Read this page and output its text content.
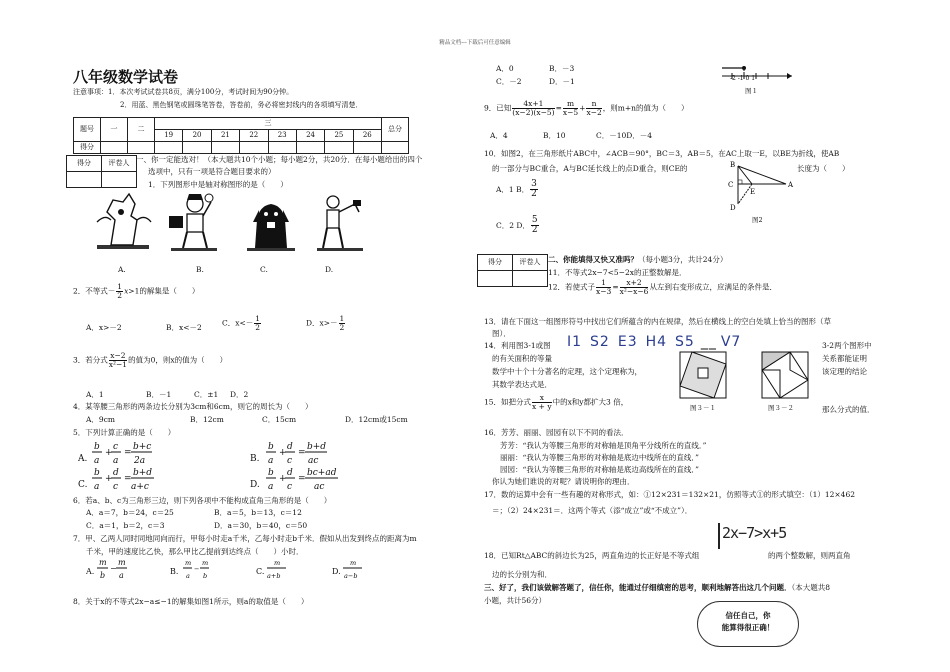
精品文档---下载后可任意编辑
八年级数学试卷
注意事项：1．本次考试试卷共8页，满分100分，考试时间为90分钟。
2．用蓝、黑色钢笔或圆珠笔答卷，答卷前，务必将密封线内的各项填写清楚．
题号	一	二	三								总分
			19	20	21	22	23	24	25	26	
得分											
得分	评卷人
	一、你一定能选对！（本大题共10个小题；每小题2分，共20分．在每小题给出的四个
选项中，只有一项是符合题目要求的）
1．下列图形中是轴对称图形的是（　　）
A.	B.	C.	D.
2．不等式－ $\frac{1}{2} x>1$的解集是（　　）
A．x>－2	B．x<－2
C．$x<- \frac{1}{2}$	D．$x>- \frac{1}{2}$
3．若分式 $\frac{x-2}{\text{x²−1}}$ 的值为0，则x的值为（　　）
A．1	B．－1	C．±1 D．2
4．某等腰三角形的两条边长分别为3cm和6cm，则它的周长为（　　）
A．9cm	B．12cm	C．15cm	D．12cm或15cm
5．下列计算正确的是（　　）
A.
b
a
+
c
a
=
b+c
2a	B.
b
a
+
d
c
=
b+d
ac
C.
b
a
+
d
c
=
b+d
a+c	D.
b
a
+
d
c
=
bc+ad
ac
6．若a、b、c为三角形三边，则下列各项中不能构成直角三角形的是（　　）
A．a＝7，b＝24，c＝25	B．a＝5，b＝13，c＝12
C．a＝1，b＝2，c＝3	D．a＝30，b＝40，c＝50
7．甲、乙两人同时同地同向而行，甲每小时走a千米，乙每小时走b千米．假如从出发到终点的距离为m
千米，甲的速度比乙快，那么甲比乙提前到达终点（　　）小时．
A.
m
b
−
m
a	B.
m
a
−
m
b	C.
m
a+b	D.
m
a−b
8．关于x的不等式2x−a≤−1的解集如图1所示，则a的取值是（　　）
A．0	B．－3
C．－2	D．－1	-2 -1 0 1
图１
9．已知 $\frac{4x+1}{(x-2)(x-5)} = \frac{m}{x-5} + \frac{n}{x-2}$ ，则m+n的值为（　　）
A．4	B．10	C．－10D．－4
10．如图2，在三角形纸片ABC中，∠ACB＝90°，BC＝3，AB＝5，在AC上取一E，以BE为折线，使AB
的一部分与BC重合，A与BC延长线上的点D重合，则CE的	长度为（　　）
A．1 B． $\frac{3}{2}$
C．2 D． $\frac{5}{2}$
B
C
E
A
D
图2
得分	评卷人
	二、你能填得又快又准吗？（每小题3分，共计24分）
11．不等式2x−7<5−2x的正整数解是．
12．若使式子 $\frac{1}{x-3} = \frac{x+2}{\text{x²−x−6}}$ 从左到右变形成立，应满足的条件是．
13．请在下面这一组图形符号中找出它们所蕴含的内在规律，然后在横线上的空白处填上恰当的图形（草
图）．
14．利用图3-1或图
的有关面积的等量
数学中十个十分著名的定理，这个定理称为，
其数学表达式是．
3-2两个图形中
关系都能证明
该定理的结论
I1 S2 E3 H4 S5 __ V7
图３－１	图３－２
15．如把分式 $\frac{x}{x + y}$ 中的x和y都扩大3 倍，
那么分式的值．
16．芳芳、丽丽、园园有以下不同的看法．
芳芳：“我认为等腰三角形的对称轴是顶角平分线所在的直线．”
丽丽：“我认为等腰三角形的对称轴是底边中线所在的直线．”
园园：“我认为等腰三角形的对称轴是底边高线所在的直线．”
你认为她们谁说的对呢？请说明你的理由．
17．数的运算中会有一些有趣的对称形式，如：①12×231＝132×21，仿照等式①的形式填空：（1）12×462
＝；（2）24×231＝．这两个等式（添“成立”或“不成立”）．
2x−7>x+5
18．已知Rt△ABC的斜边长为25，两直角边的长正好是不等式组	的两个整数解，则两直角
边的长分别为和．
三、好了，我们该做解答题了，信任你，能通过仔细缜密的思考，顺利地解答出这几个问题．（本大题共8
小题，共计56分）
信任自己，你
能算得很正确！
